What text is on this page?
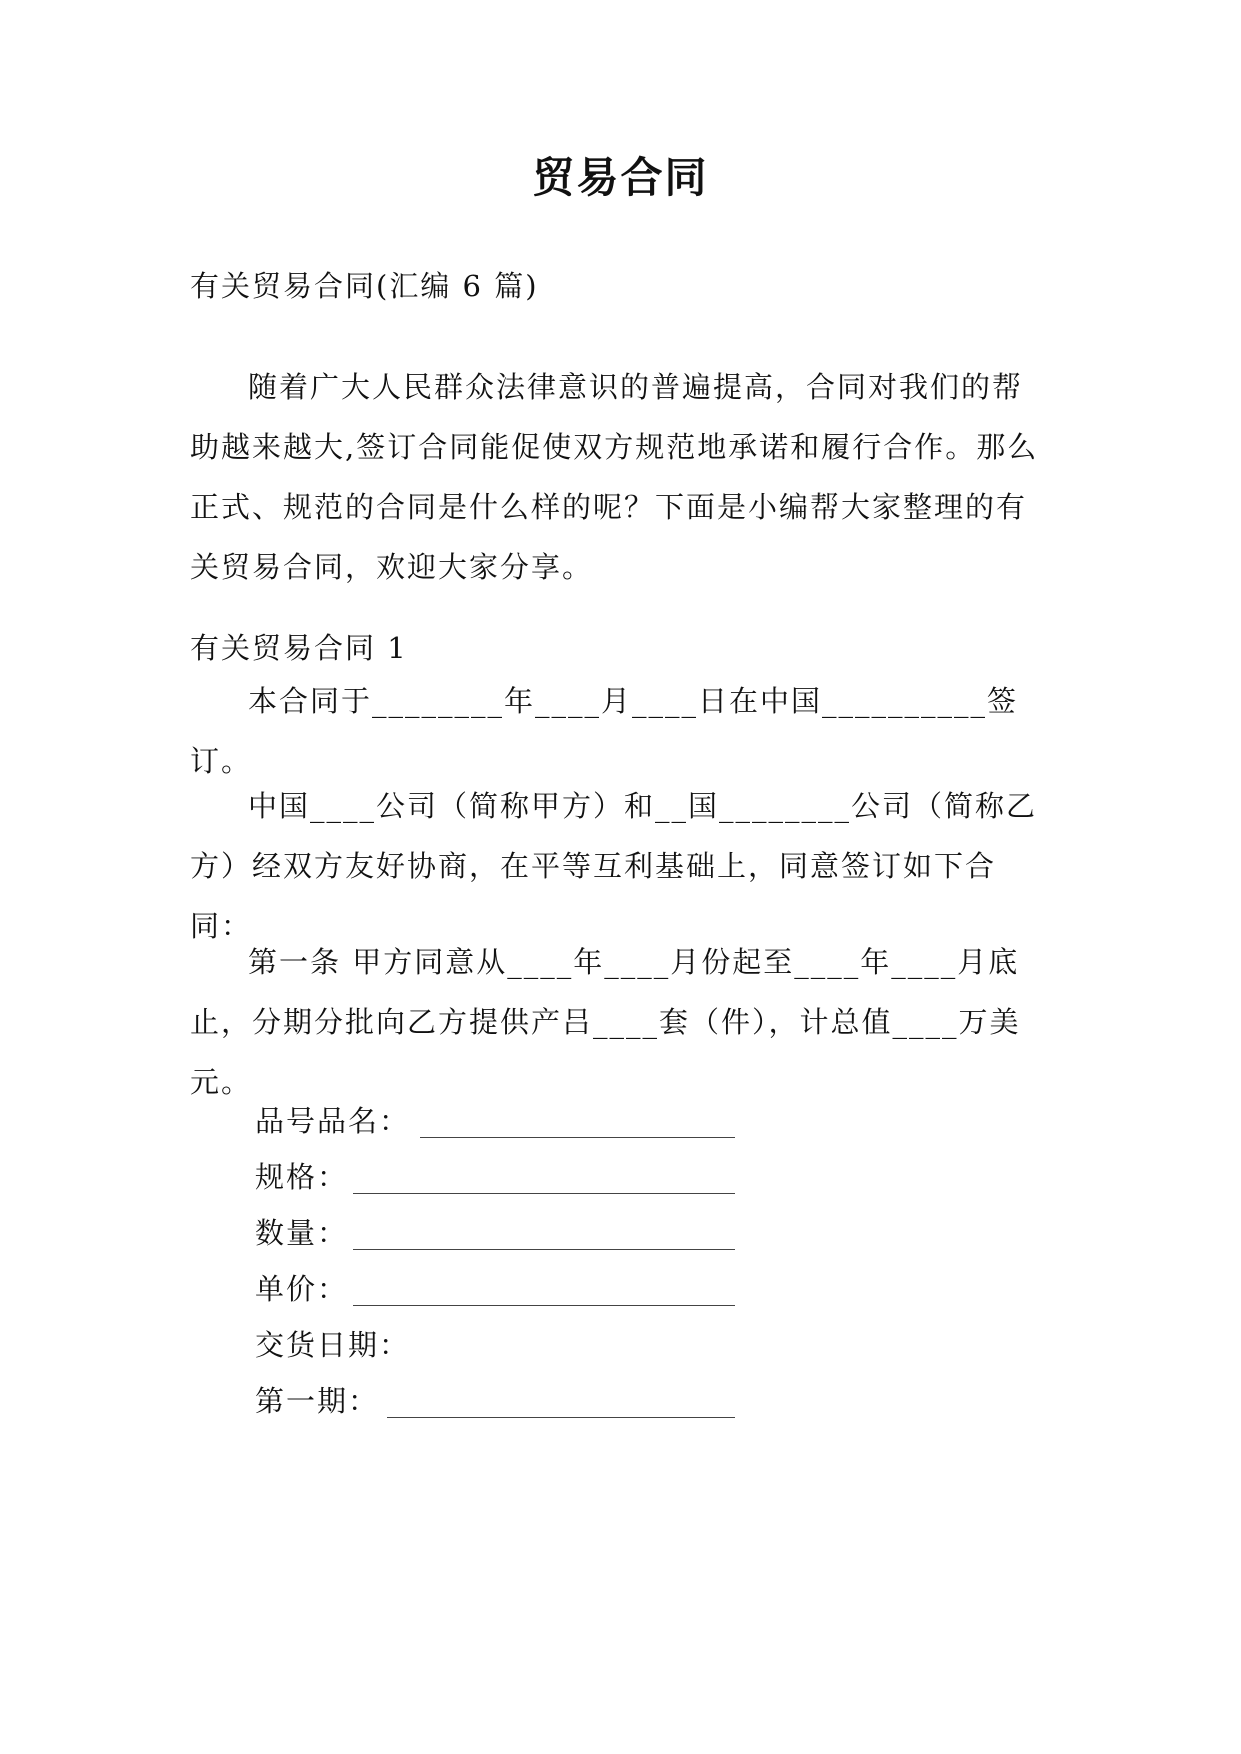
贸易合同
有关贸易合同(汇编 6 篇)
随着广大人民群众法律意识的普遍提高，合同对我们的帮助越来越大,签订合同能促使双方规范地承诺和履行合作。那么正式、规范的合同是什么样的呢？下面是小编帮大家整理的有关贸易合同，欢迎大家分享。
有关贸易合同 1
本合同于________年____月____日在中国__________签订。
中国____公司（简称甲方）和__国________公司（简称乙方）经双方友好协商，在平等互利基础上，同意签订如下合同：
第一条 甲方同意从____年____月份起至____年____月底止，分期分批向乙方提供产吕____套（件），计总值____万美元。
品号品名：
规格：
数量：
单价：
交货日期：
第一期：
